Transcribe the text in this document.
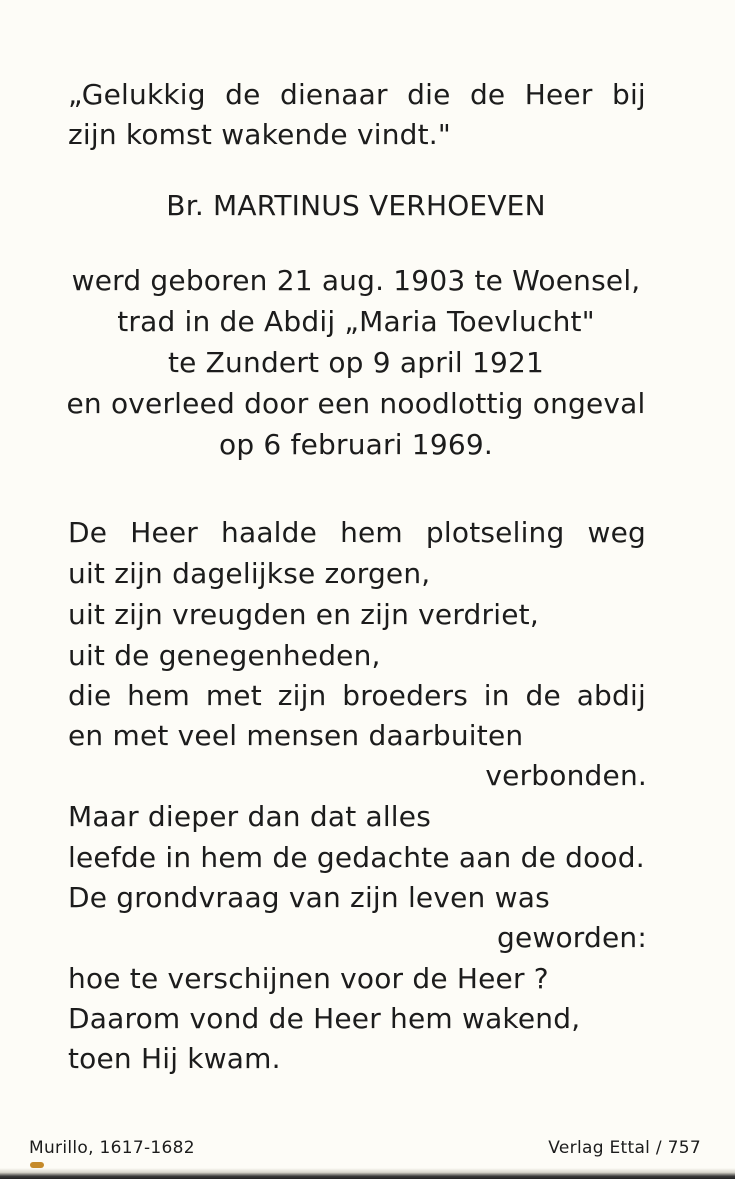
„Gelukkig de dienaar die de Heer bij
zijn komst wakende vindt."
Br. MARTINUS VERHOEVEN
werd geboren 21 aug. 1903 te Woensel,
trad in de Abdij „Maria Toevlucht"
te Zundert op 9 april 1921
en overleed door een noodlottig ongeval
op 6 februari 1969.
De Heer haalde hem plotseling weg
uit zijn dagelijkse zorgen,
uit zijn vreugden en zijn verdriet,
uit de genegenheden,
die hem met zijn broeders in de abdij
en met veel mensen daarbuiten
verbonden.
Maar dieper dan dat alles
leefde in hem de gedachte aan de dood.
De grondvraag van zijn leven was
geworden:
hoe te verschijnen voor de Heer ?
Daarom vond de Heer hem wakend,
toen Hij kwam.
Murillo, 1617-1682	Verlag Ettal / 757
